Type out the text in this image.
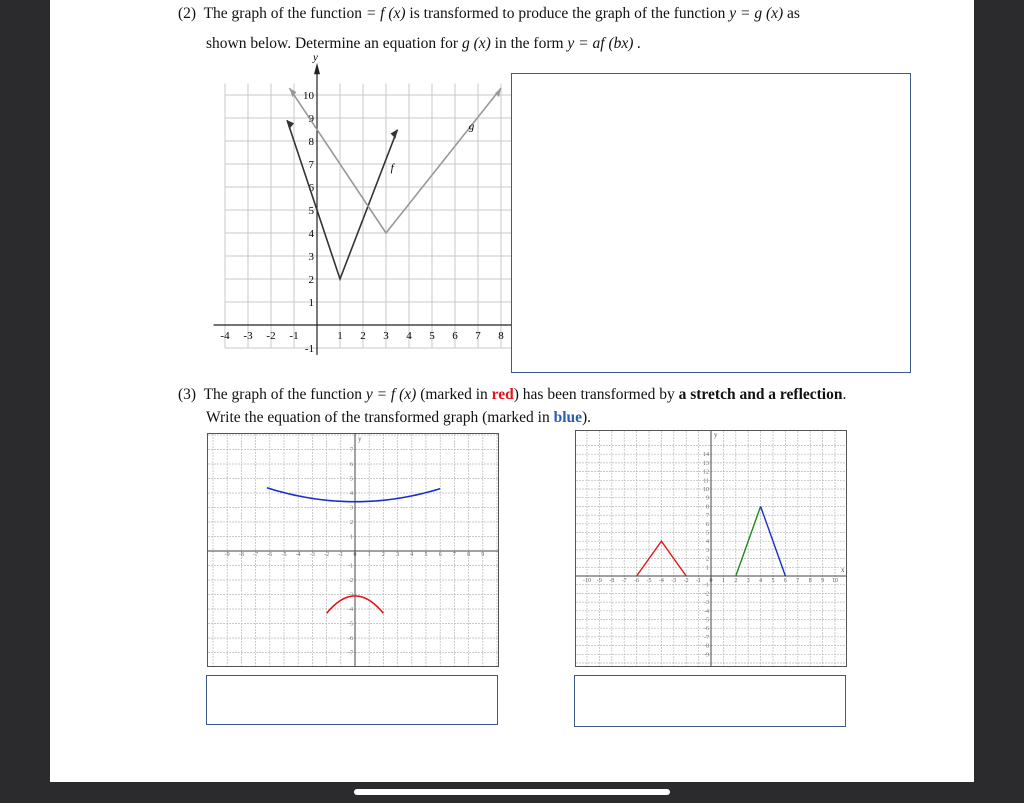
(2) The graph of the function = f (x) is transformed to produce the graph of the function y = g (x) as
shown below. Determine an equation for g (x) in the form y = af (bx) .
y
-4 -3 -2 -1	1 2 3 4 5 6 7 8
10
9
8
7
6
5
4
3
2
1
-1
f
g
(3) The graph of the function y = f (x) (marked in red) has been transformed by a stretch and a reflection.
Write the equation of the transformed graph (marked in blue).
y
-9 -8 -7 -6 -5 -4 -3 -2 -1 0 1 2 3 4 5 6 7 8 9
7
6
5
4
3
2
1
-1
-2
-3
-4
-5
-6
-7
y
x
-10 -9 -8 -7 -6 -5 -4 -3 -2 -1 0 1 2 3 4 5 6 7 8 9 10
14
13
12
11
10
9
8
7
6
5
4
3
2
1
-1
-2
-3
-4
-5
-6
-7
-8
-9
